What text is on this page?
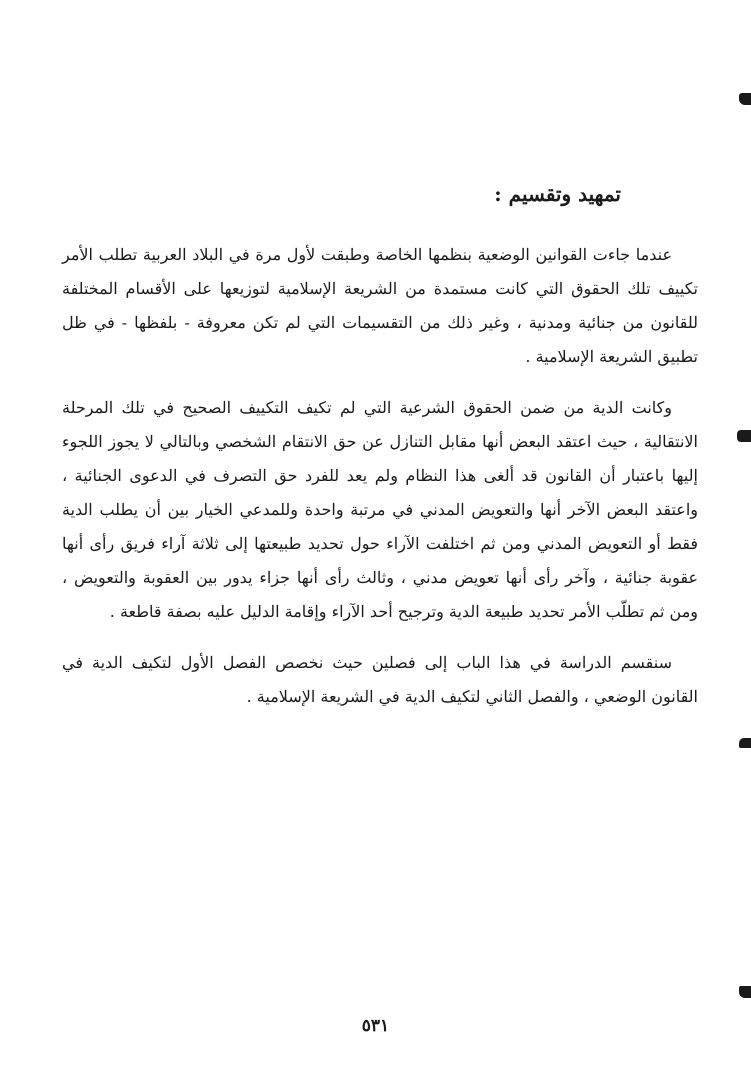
تمهيد وتقسيم :

عندما جاءت القوانين الوضعية بنظمها الخاصة وطبقت لأول مرة في البلاد العربية تطلب الأمر تكييف تلك الحقوق التي كانت مستمدة من الشريعة الإسلامية لتوزيعها على الأقسام المختلفة للقانون من جنائية ومدنية ، وغير ذلك من التقسيمات التي لم تكن معروفة - بلفظها - في ظل تطبيق الشريعة الإسلامية .

وكانت الدية من ضمن الحقوق الشرعية التي لم تكيف التكييف الصحيح في تلك المرحلة الانتقالية ، حيث اعتقد البعض أنها مقابل التنازل عن حق الانتقام الشخصي وبالتالي لا يجوز اللجوء إليها باعتبار أن القانون قد ألغى هذا النظام ولم يعد للفرد حق التصرف في الدعوى الجنائية ، واعتقد البعض الآخر أنها والتعويض المدني في مرتبة واحدة وللمدعي الخيار بين أن يطلب الدية فقط أو التعويض المدني ومن ثم اختلفت الآراء حول تحديد طبيعتها إلى ثلاثة آراء فريق رأى أنها عقوبة جنائية ، وآخر رأى أنها تعويض مدني ، وثالث رأى أنها جزاء يدور بين العقوبة والتعويض ، ومن ثم تطلّب الأمر تحديد طبيعة الدية وترجيح أحد الآراء وإقامة الدليل عليه بصفة قاطعة .

سنقسم الدراسة في هذا الباب إلى فصلين حيث نخصص الفصل الأول لتكيف الدية في القانون الوضعي ، والفصل الثاني لتكيف الدية في الشريعة الإسلامية .

٥٣١
